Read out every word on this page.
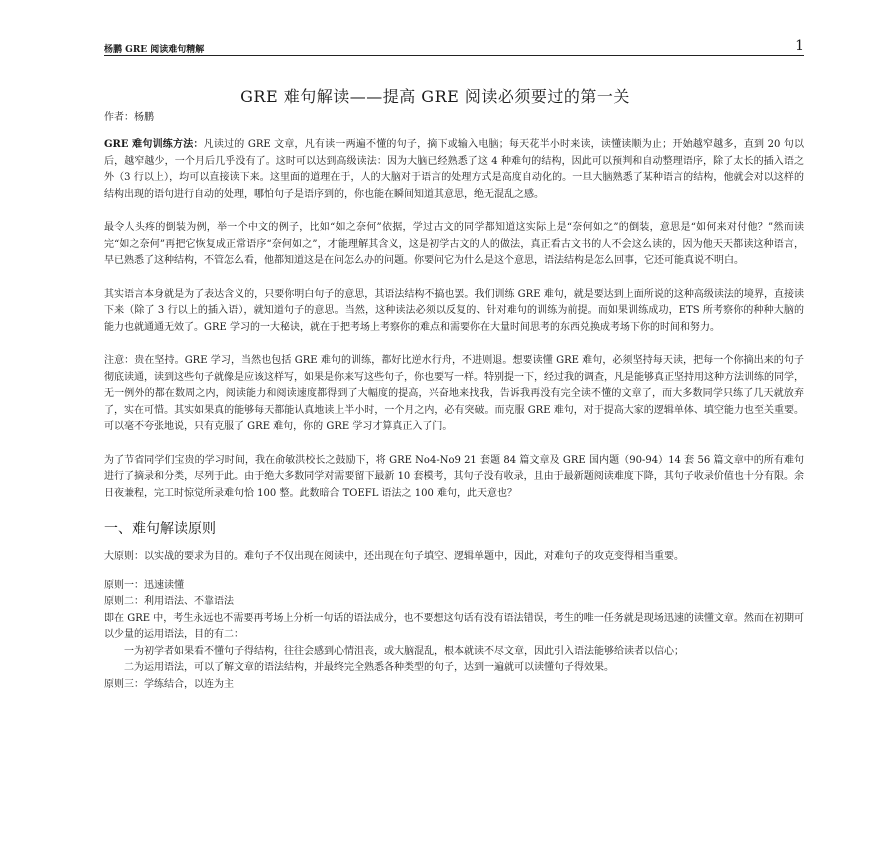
杨鹏 GRE 阅读难句精解	1
GRE 难句解读——提高 GRE 阅读必须要过的第一关
作者：杨鹏

GRE 难句训练方法：凡读过的 GRE 文章，凡有读一两遍不懂的句子，摘下或输入电脑；每天花半小时来读，读懂读顺为止；开始越窄越多，直到 20 句以后，越窄越少，一个月后几乎没有了。这时可以达到高级读法：因为大脑已经熟悉了这 4 种难句的结构，因此可以预判和自动整理语序，除了太长的插入语之外（3 行以上），均可以直接读下来。这里面的道理在于，人的大脑对于语言的处理方式是高度自动化的。一旦大脑熟悉了某种语言的结构，他就会对以这样的结构出现的语句进行自动的处理，哪怕句子是语序到的，你也能在瞬间知道其意思，绝无混乱之感。

最令人头疼的倒装为例，举一个中文的例子，比如“如之奈何”依据，学过古文的同学都知道这实际上是“奈何如之”的倒装，意思是“如何来对付他？”然而读完“如之奈何”再把它恢复成正常语序“奈何如之”，才能理解其含义，这是初学古文的人的做法，真正看古文书的人不会这么读的，因为他天天都读这种语言，早已熟悉了这种结构，不管怎么看，他都知道这是在问怎么办的问题。你要问它为什么是这个意思，语法结构是怎么回事，它还可能真说不明白。

其实语言本身就是为了表达含义的，只要你明白句子的意思，其语法结构不搞也罢。我们训练 GRE 难句，就是要达到上面所说的这种高级读法的境界，直接读下来（除了 3 行以上的插入语），就知道句子的意思。当然，这种读法必须以反复的、针对难句的训练为前提。而如果训练成功，ETS 所考察你的种种大脑的能力也就通通无效了。GRE 学习的一大秘诀，就在于把考场上考察你的难点和需要你在大量时间思考的东西兑换成考场下你的时间和努力。

注意：贵在坚持。GRE 学习，当然也包括 GRE 难句的训练，都好比逆水行舟，不进则退。想要读懂 GRE 难句，必须坚持每天读，把每一个你摘出来的句子彻底读通，读到这些句子就像是应该这样写，如果是你来写这些句子，你也要写一样。特别提一下，经过我的调查，凡是能够真正坚持用这种方法训练的同学，无一例外的都在数周之内，阅读能力和阅读速度都得到了大幅度的提高，兴奋地来找我，告诉我再没有完全读不懂的文章了，而大多数同学只练了几天就放弃了，实在可惜。其实如果真的能够每天都能认真地读上半小时，一个月之内，必有突破。而克服 GRE 难句，对于提高大家的逻辑单体、填空能力也至关重要。可以毫不夸张地说，只有克服了 GRE 难句，你的 GRE 学习才算真正入了门。

为了节省同学们宝贵的学习时间，我在俞敏洪校长之鼓励下，将 GRE No4-No9 21 套题 84 篇文章及 GRE 国内题（90-94）14 套 56 篇文章中的所有难句进行了摘录和分类，尽列于此。由于绝大多数同学对需要留下最新 10 套模考，其句子没有收录，且由于最新题阅读难度下降，其句子收录价值也十分有限。余日夜兼程，完工时惊觉所录难句恰 100 整。此数暗合 TOEFL 语法之 100 难句，此天意也？

一、难句解读原则

大原则：以实战的要求为目的。难句子不仅出现在阅读中，还出现在句子填空、逻辑单题中，因此，对难句子的攻克变得相当重要。

原则一：迅速读懂

原则二：利用语法、不靠语法

即在 GRE 中，考生永远也不需要再考场上分析一句话的语法成分，也不要想这句话有没有语法错误，考生的唯一任务就是现场迅速的读懂文章。然而在初期可以少量的运用语法，目的有二：

一为初学者如果看不懂句子得结构，往往会感到心情沮丧，或大脑混乱，根本就读不尽文章，因此引入语法能够给读者以信心；

二为运用语法，可以了解文章的语法结构，并最终完全熟悉各种类型的句子，达到一遍就可以读懂句子得效果。

原则三：学练结合，以连为主
